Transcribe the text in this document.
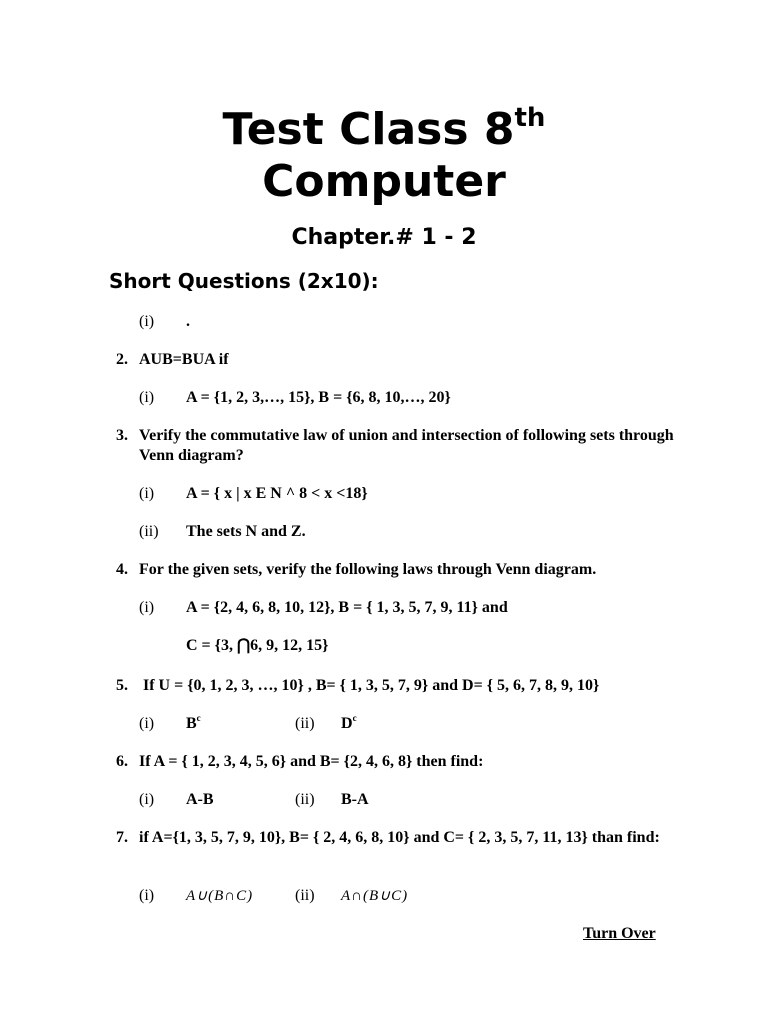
Test Class 8th
Computer
Chapter.# 1 - 2
Short Questions (2x10):
(i) .
2. AUB=BUA if
(i) A = {1, 2, 3,…, 15}, B = {6, 8, 10,…, 20}
3. Verify the commutative law of union and intersection of following sets through Venn diagram?
(i) A = { x | x E N ^ 8 < x <18}
(ii) The sets N and Z.
4. For the given sets, verify the following laws through Venn diagram.
(i) A = {2, 4, 6, 8, 10, 12}, B = { 1, 3, 5, 7, 9, 11} and
C = {3, ⋂6, 9, 12, 15}
5. If U = {0, 1, 2, 3, …, 10} , B= { 1, 3, 5, 7, 9} and D= { 5, 6, 7, 8, 9, 10}
(i) $B^c$	(ii) $D^c$
6. If A = { 1, 2, 3, 4, 5, 6} and B= {2, 4, 6, 8} then find:
(i) A-B	(ii) B-A
7. if A={1, 3, 5, 7, 9, 10}, B= { 2, 4, 6, 8, 10} and C= { 2, 3, 5, 7, 11, 13} than find:
(i) A∪(B∩C)	(ii) A∩(B∪C)
Turn Over
